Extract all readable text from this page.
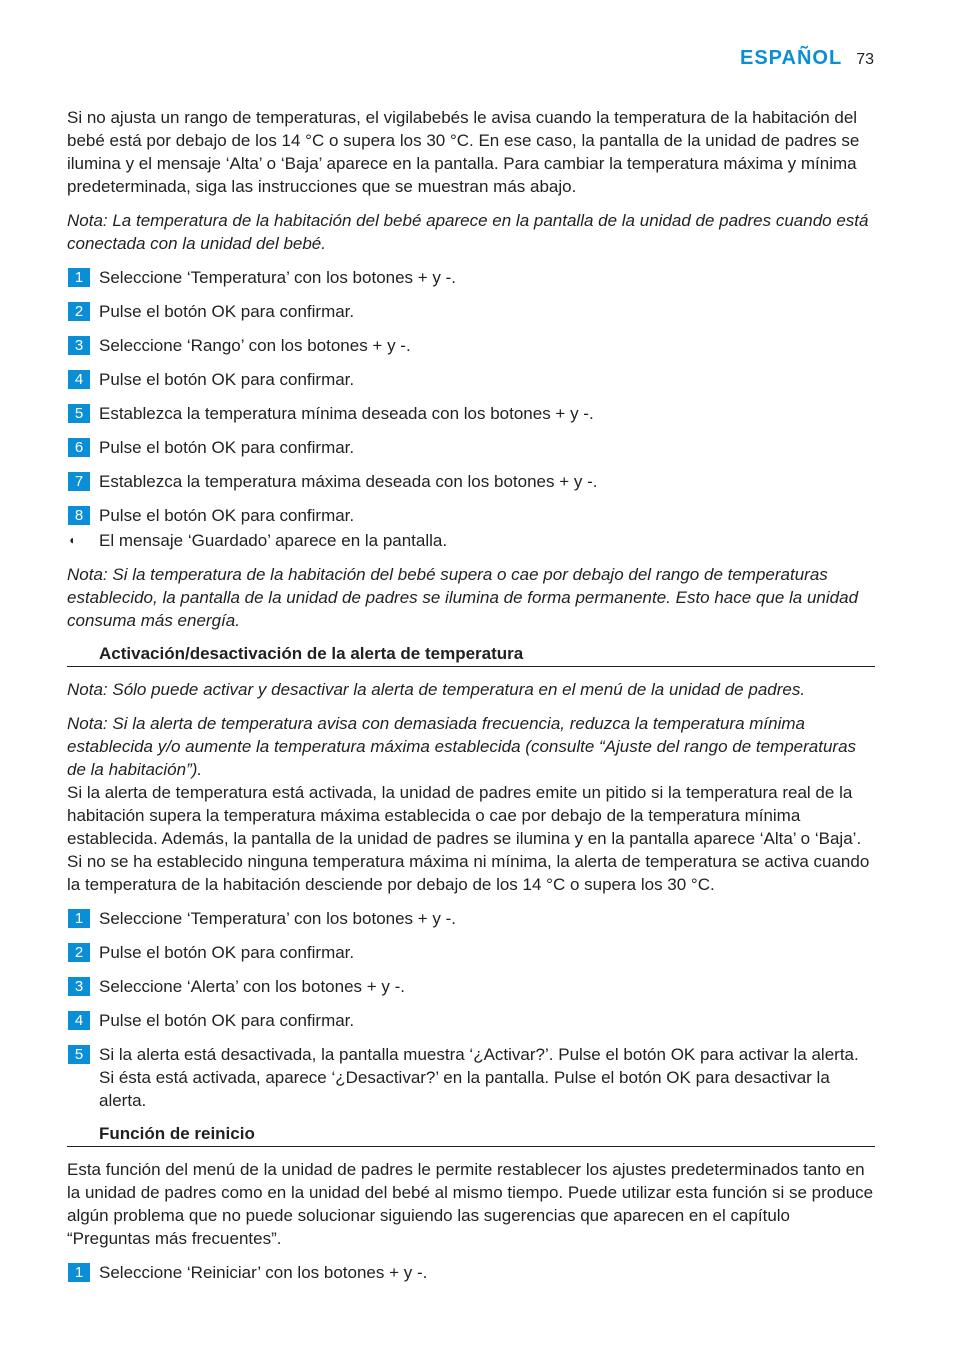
ESPAÑOL 73

Si no ajusta un rango de temperaturas, el vigilabebés le avisa cuando la temperatura de la habitación del bebé está por debajo de los 14 °C o supera los 30 °C. En ese caso, la pantalla de la unidad de padres se ilumina y el mensaje ‘Alta’ o ‘Baja’ aparece en la pantalla. Para cambiar la temperatura máxima y mínima predeterminada, siga las instrucciones que se muestran más abajo.

Nota: La temperatura de la habitación del bebé aparece en la pantalla de la unidad de padres cuando está conectada con la unidad del bebé.

1 Seleccione ‘Temperatura’ con los botones + y -.
2 Pulse el botón OK para confirmar.
3 Seleccione ‘Rango’ con los botones + y -.
4 Pulse el botón OK para confirmar.
5 Establezca la temperatura mínima deseada con los botones + y -.
6 Pulse el botón OK para confirmar.
7 Establezca la temperatura máxima deseada con los botones + y -.
8 Pulse el botón OK para confirmar.
◖ El mensaje ‘Guardado’ aparece en la pantalla.

Nota: Si la temperatura de la habitación del bebé supera o cae por debajo del rango de temperaturas establecido, la pantalla de la unidad de padres se ilumina de forma permanente. Esto hace que la unidad consuma más energía.

Activación/desactivación de la alerta de temperatura

Nota: Sólo puede activar y desactivar la alerta de temperatura en el menú de la unidad de padres.

Nota: Si la alerta de temperatura avisa con demasiada frecuencia, reduzca la temperatura mínima establecida y/o aumente la temperatura máxima establecida (consulte “Ajuste del rango de temperaturas de la habitación”).

Si la alerta de temperatura está activada, la unidad de padres emite un pitido si la temperatura real de la habitación supera la temperatura máxima establecida o cae por debajo de la temperatura mínima establecida. Además, la pantalla de la unidad de padres se ilumina y en la pantalla aparece ‘Alta’ o ‘Baja’. Si no se ha establecido ninguna temperatura máxima ni mínima, la alerta de temperatura se activa cuando la temperatura de la habitación desciende por debajo de los 14 °C o supera los 30 °C.

1 Seleccione ‘Temperatura’ con los botones + y -.
2 Pulse el botón OK para confirmar.
3 Seleccione ‘Alerta’ con los botones + y -.
4 Pulse el botón OK para confirmar.
5 Si la alerta está desactivada, la pantalla muestra ‘¿Activar?’. Pulse el botón OK para activar la alerta. Si ésta está activada, aparece ‘¿Desactivar?’ en la pantalla. Pulse el botón OK para desactivar la alerta.
Función de reinicio

Esta función del menú de la unidad de padres le permite restablecer los ajustes predeterminados tanto en la unidad de padres como en la unidad del bebé al mismo tiempo. Puede utilizar esta función si se produce algún problema que no puede solucionar siguiendo las sugerencias que aparecen en el capítulo “Preguntas más frecuentes”.

1 Seleccione ‘Reiniciar’ con los botones + y -.
